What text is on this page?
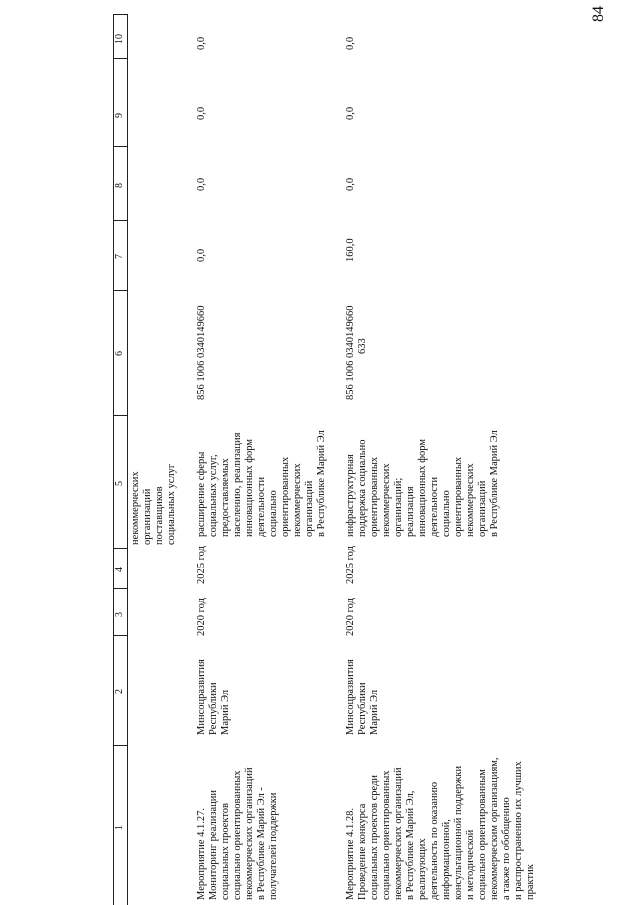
84
10
9
8
7
6
5
4
3
2
1
некоммерческих организаций поставщиков социальных услуг
Мероприятие 4.1.27. Мониторинг реализации социальных проектов социально ориентированных некоммерческих организаций в Республике Марий Эл - получателей поддержки
Минсоцразвития Республики Марий Эл
2020 год
2025 год
расширение сферы социальных услуг, предоставляемых населению, реализация инновационных форм деятельности социально ориентированных некоммерческих организаций в Республике Марий Эл
856 1006 0340149660
0,0
0,0
0,0
0,0
Мероприятие 4.1.28. Проведение конкурса социальных проектов среди социально ориентированных некоммерческих организаций в Республике Марий Эл, реализующих деятельность по оказанию информационной, консультационной поддержки и методической социально ориентированным некоммерческим организациям, а также по обобщению и распространению их лучших практик
Минсоцразвития Республики Марий Эл
2020 год
2025 год
инфраструктурная поддержка социально ориентированных некоммерческих организаций; реализация инновационных форм деятельности социально ориентированных некоммерческих организаций в Республике Марий Эл
856 1006 0340149660 633
160,0
0,0
0,0
0,0
